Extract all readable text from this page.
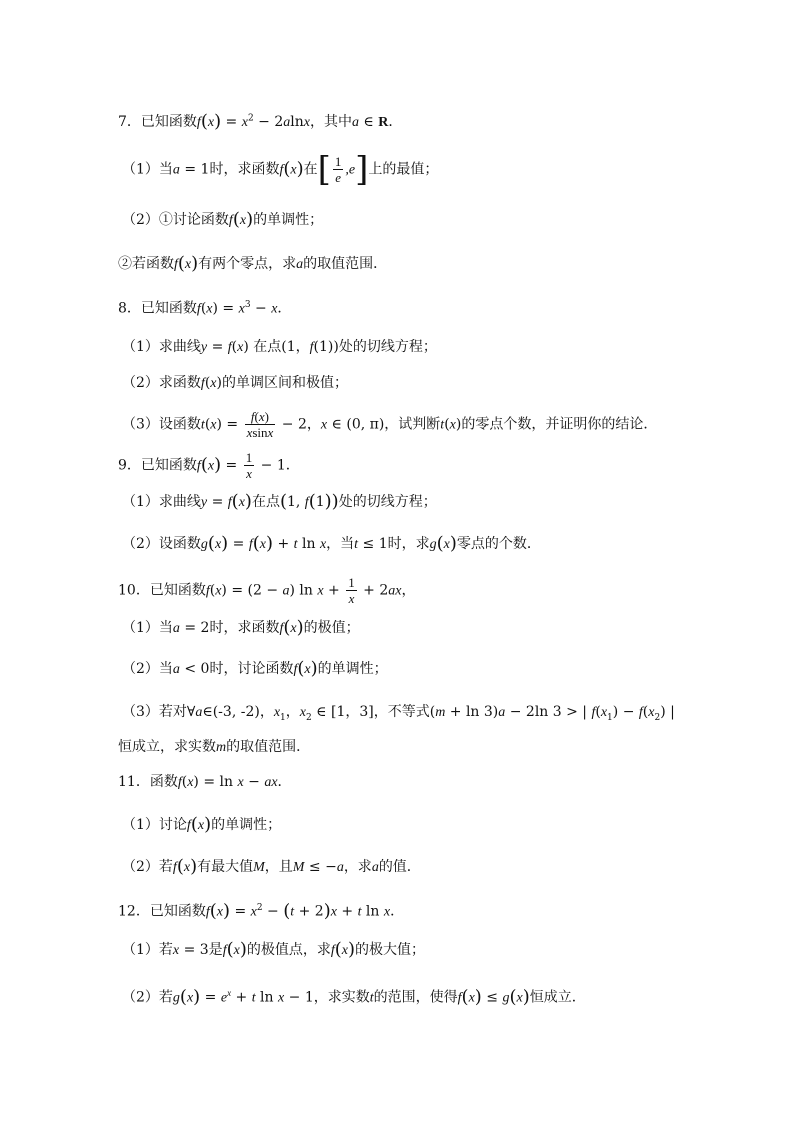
7．已知函数$f(x) = x^2 - 2alnx$，其中a ∈ R．
（1）当a = 1时，求函数f(x)在[ $\frac{1}{e} ,e$]上的最值；
（2）①讨论函数f(x)的单调性；
②若函数f(x)有两个零点，求a的取值范围．
8．已知函数$f(x) = x^3 - x$．
（1）求曲线y = f(x) 在点(1，f(1))处的切线方程；
（2）求函数f(x)的单调区间和极值；
（3）设函数$t(x) = \frac{f(x)}{xsinx} - 2$，x ∈ (0, π)，试判断t(x)的零点个数，并证明你的结论．
9．已知函数$f(x) = \frac{1}{x} - 1$．
（1）求曲线y = f(x)在点(1, f(1))处的切线方程；
（2）设函数g(x) = f(x) + t ln x，当t ≤ 1时，求g(x)零点的个数．
10．已知函数f(x) = (2 − a) $\ln x + \frac{1}{x} + 2ax$，
（1）当a = 2时，求函数f(x)的极值；
（2）当a < 0时，讨论函数f(x)的单调性；
（3）若对∀a∈(-3, -2)，$x_1$，$x_2$ ∈ [1，3]，不等式(m + ln 3)a − 2ln 3 > | $f(x_1) - f(x_2)$ |
恒成立，求实数m的取值范围．
11．函数f(x) = ln x − ax．
（1）讨论f(x)的单调性；
（2）若f(x)有最大值M，且M ≤ −a，求a的值．
12．已知函数$f(x) = x^2 - (t + 2)x + t$ ln x．
（1）若x = 3是f(x)的极值点，求f(x)的极大值；
（2）若$g(x) = e^x + t$ ln x − 1，求实数t的范围，使得f(x) ≤ g(x)恒成立．
